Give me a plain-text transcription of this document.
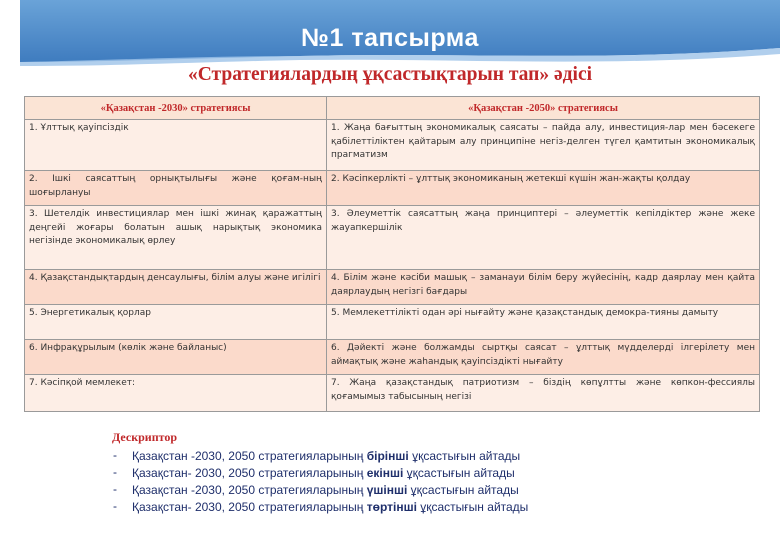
№1 тапсырма
«Стратегиялардың ұқсастықтарын тап» әдісі
«Қазақстан -2030» стратегиясы	«Қазақстан -2050» стратегиясы
1. Ұлттық қауіпсіздік	1. Жаңа бағыттың экономикалық саясаты – пайда алу, инвестиция-лар мен бәсекеге қабілеттіліктен қайтарым алу принципіне негіз-делген түгел қамтитын экономикалық прагматизм
2. Ішкі саясаттың орнықтылығы және қоғам-ның шоғырлануы	2. Кәсіпкерлікті – ұлттық экономиканың жетекші күшін жан-жақты қолдау
3. Шетелдік инвестициялар мен ішкі жинақ қаражаттың деңгейі жоғары болатын ашық нарықтық экономика негізінде экономикалық өрлеу	3. Әлеуметтік саясаттың жаңа принциптері – әлеуметтік кепілдіктер және жеке жауапкершілік
4. Қазақстандықтардың денсаулығы, білім алуы және игілігі	4. Білім және кәсіби машық – заманауи білім беру жүйесінің, кадр даярлау мен қайта даярлаудың негізгі бағдары
5. Энергетикалық қорлар	5. Мемлекеттілікті одан әрі нығайту және қазақстандық демокра-тияны дамыту
6. Инфрақұрылым (көлік және байланыс)	6. Дәйекті және болжамды сыртқы саясат – ұлттық мүдделерді ілгерілету мен аймақтық және жаһандық қауіпсіздікті нығайту
7. Кәсіпқой мемлекет:	7. Жаңа қазақстандық патриотизм – біздің көпұлтты және көпкон-фессиялы қоғамымыз табысының негізі
Дескриптор
- Қазақстан -2030, 2050 стратегияларының бірінші ұқсастығын айтады
- Қазақстан- 2030, 2050 стратегияларының екінші ұқсастығын айтады
- Қазақстан -2030, 2050 стратегияларының үшінші ұқсастығын айтады
- Қазақстан- 2030, 2050 стратегияларының төртінші ұқсастығын айтады
